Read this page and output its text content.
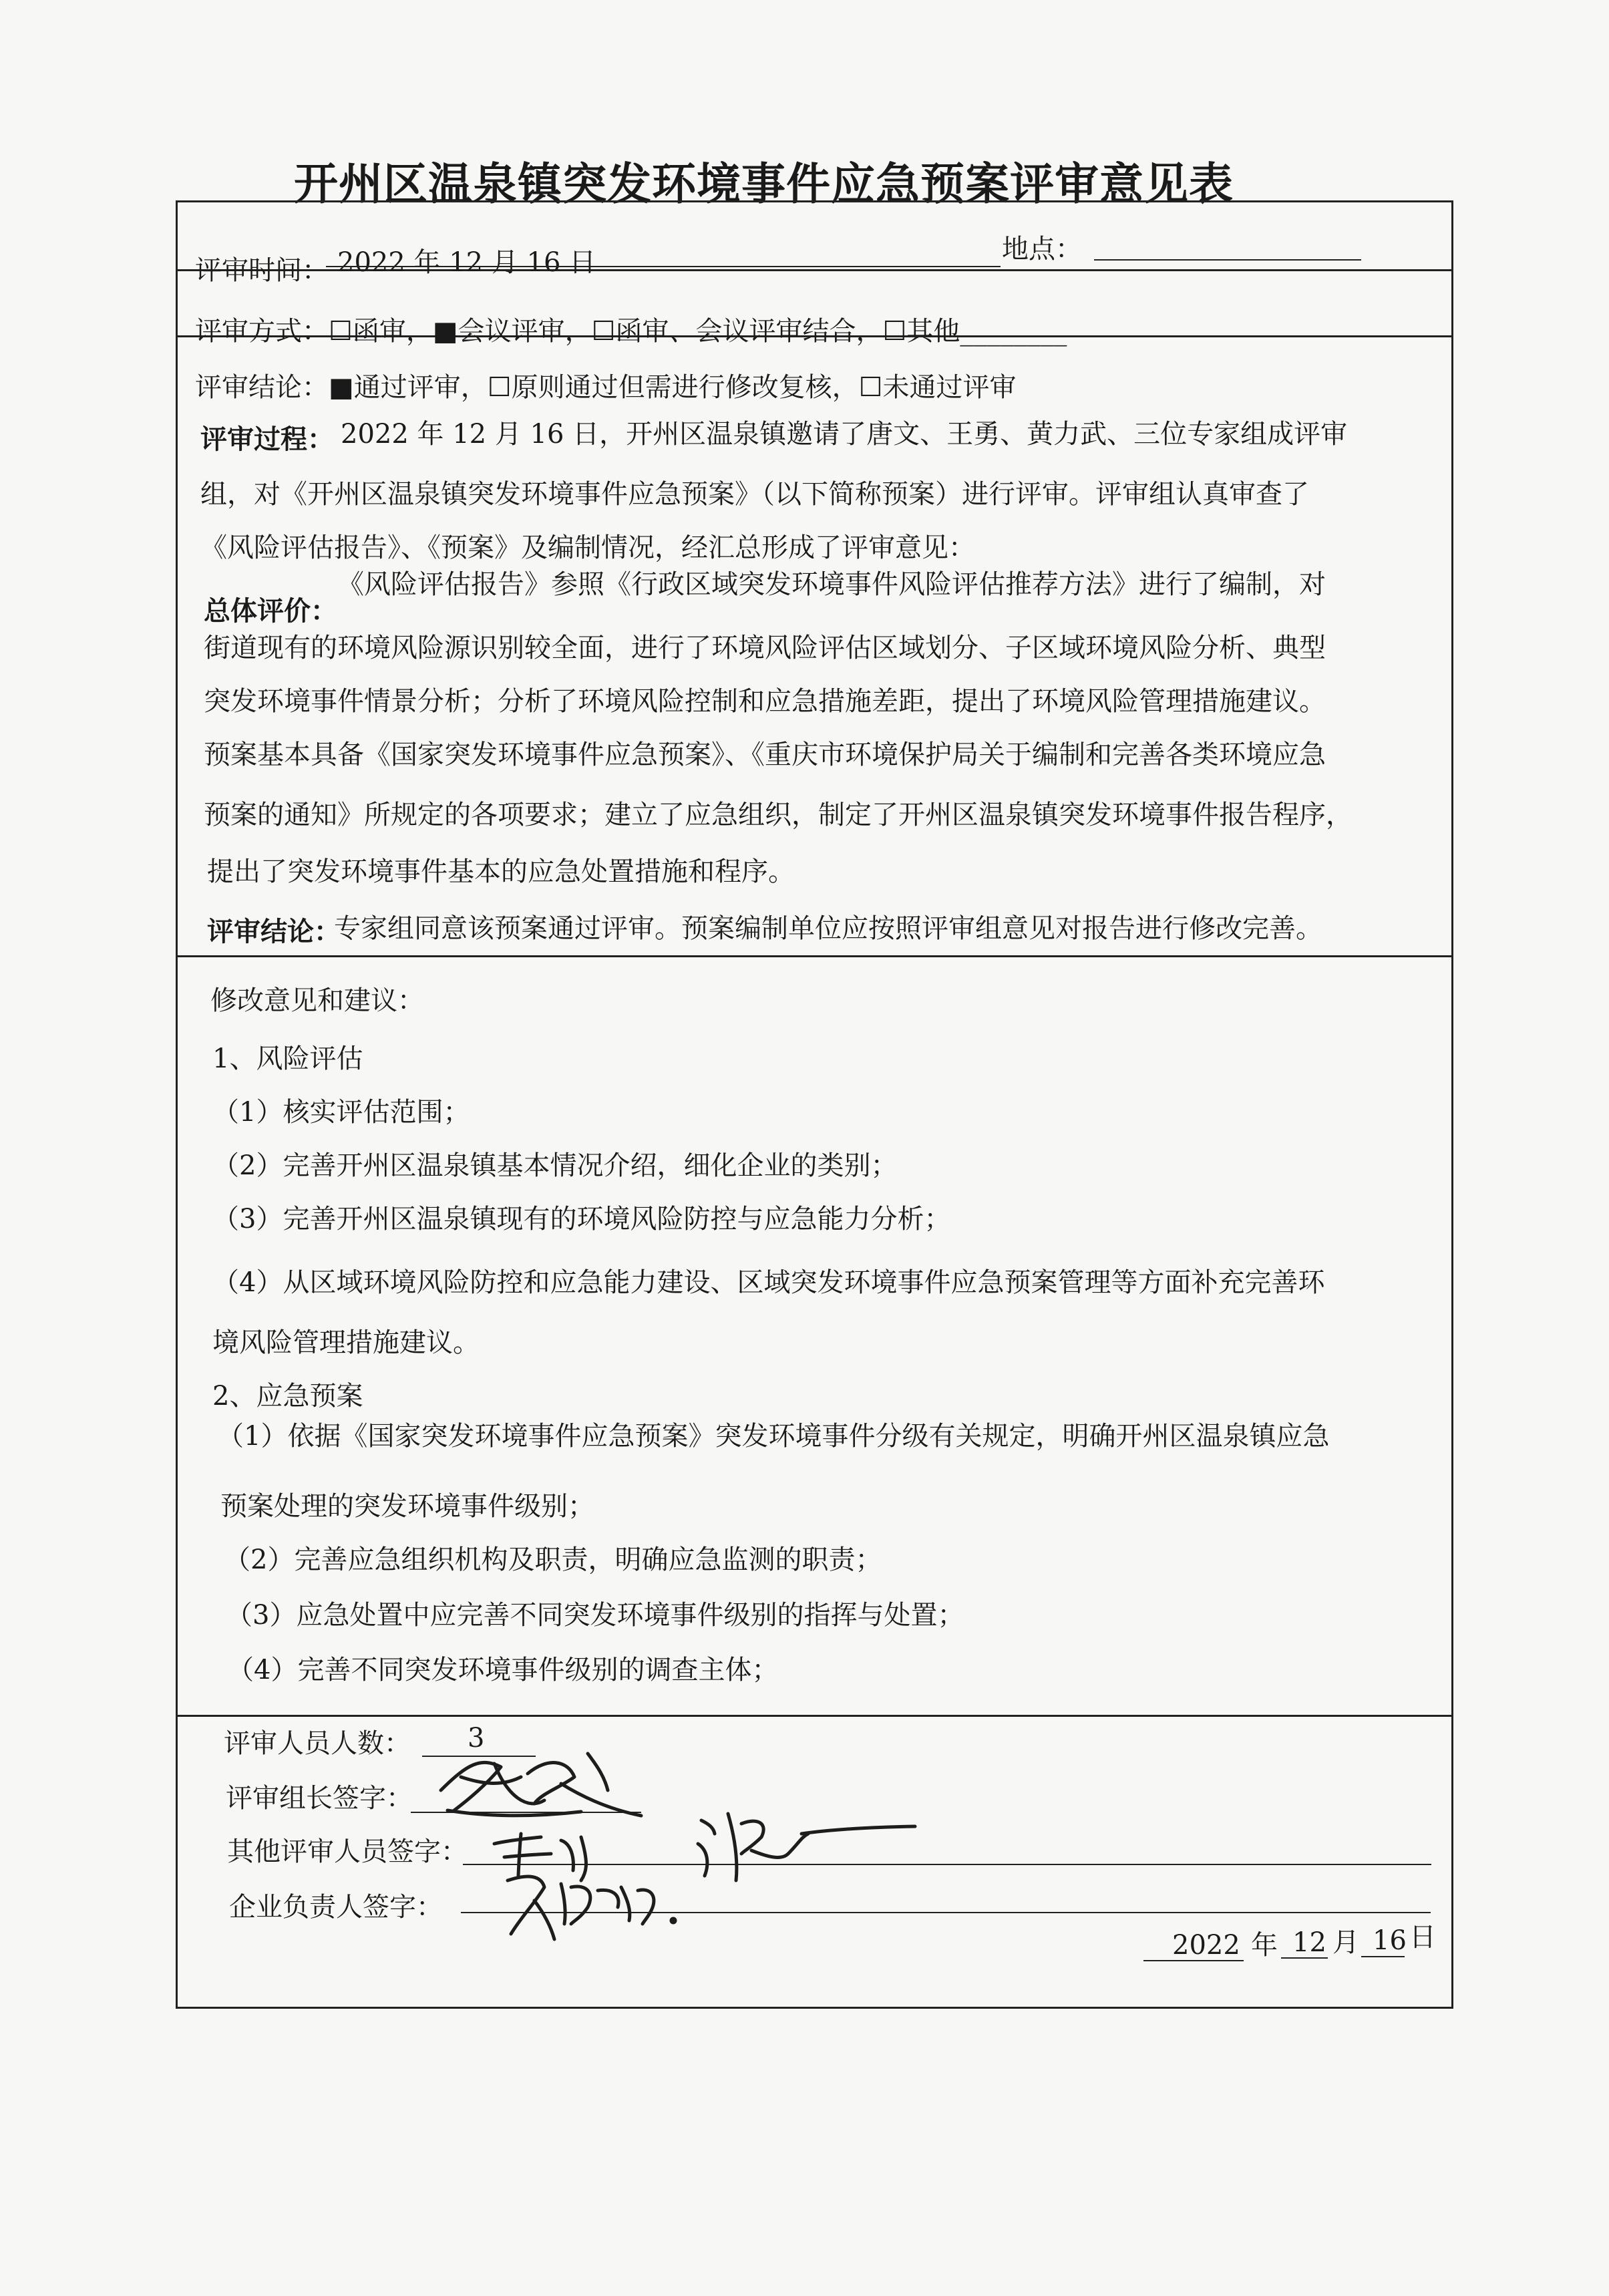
开州区温泉镇突发环境事件应急预案评审意见表
评审时间： 2022 年 12 月 16 日	地点：
评审方式：☐函审，■会议评审，☐函审、会议评审结合，☐其他________
评审结论：■通过评审，☐原则通过但需进行修改复核，☐未通过评审
评审过程： 2022 年 12 月 16 日，开州区温泉镇邀请了唐文、王勇、黄力武、三位专家组成评审
组，对《开州区温泉镇突发环境事件应急预案》（以下简称预案）进行评审。评审组认真审查了
《风险评估报告》、《预案》及编制情况，经汇总形成了评审意见：
总体评价：
《风险评估报告》参照《行政区域突发环境事件风险评估推荐方法》进行了编制，对
街道现有的环境风险源识别较全面，进行了环境风险评估区域划分、子区域环境风险分析、典型
突发环境事件情景分析；分析了环境风险控制和应急措施差距，提出了环境风险管理措施建议。
预案基本具备《国家突发环境事件应急预案》、《重庆市环境保护局关于编制和完善各类环境应急
预案的通知》所规定的各项要求；建立了应急组织，制定了开州区温泉镇突发环境事件报告程序，
提出了突发环境事件基本的应急处置措施和程序。
评审结论：
专家组同意该预案通过评审。预案编制单位应按照评审组意见对报告进行修改完善。
修改意见和建议：
1、风险评估
（1）核实评估范围；
（2）完善开州区温泉镇基本情况介绍，细化企业的类别；
（3）完善开州区温泉镇现有的环境风险防控与应急能力分析；
（4）从区域环境风险防控和应急能力建设、区域突发环境事件应急预案管理等方面补充完善环
境风险管理措施建议。
2、应急预案
（1）依据《国家突发环境事件应急预案》突发环境事件分级有关规定，明确开州区温泉镇应急
预案处理的突发环境事件级别；
（2）完善应急组织机构及职责，明确应急监测的职责；
（3）应急处置中应完善不同突发环境事件级别的指挥与处置；
（4）完善不同突发环境事件级别的调查主体；
评审人员人数： 3
评审组长签字：
其他评审人员签字：
企业负责人签字：
2022 年 12 月 16 日
